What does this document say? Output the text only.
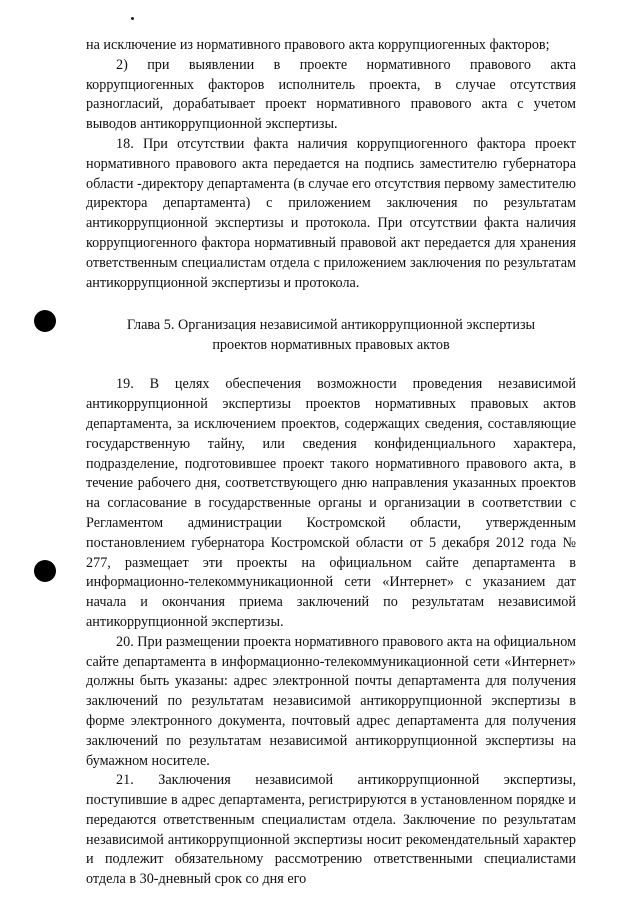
на исключение из нормативного правового акта коррупциогенных факторов;

2) при выявлении в проекте нормативного правового акта коррупциогенных факторов исполнитель проекта, в случае отсутствия разногласий, дорабатывает проект нормативного правового акта с учетом выводов антикоррупционной экспертизы.

18. При отсутствии факта наличия коррупциогенного фактора проект нормативного правового акта передается на подпись заместителю губернатора области -директору департамента (в случае его отсутствия первому заместителю директора департамента) с приложением заключения по результатам антикоррупционной экспертизы и протокола. При отсутствии факта наличия коррупциогенного фактора нормативный правовой акт передается для хранения ответственным специалистам отдела с приложением заключения по результатам антикоррупционной экспертизы и протокола.

Глава 5. Организация независимой антикоррупционной экспертизы
проектов нормативных правовых актов

19. В целях обеспечения возможности проведения независимой антикоррупционной экспертизы проектов нормативных правовых актов департамента, за исключением проектов, содержащих сведения, составляющие государственную тайну, или сведения конфиденциального характера, подразделение, подготовившее проект такого нормативного правового акта, в течение рабочего дня, соответствующего дню направления указанных проектов на согласование в государственные органы и организации в соответствии с Регламентом администрации Костромской области, утвержденным постановлением губернатора Костромской области от 5 декабря 2012 года № 277, размещает эти проекты на официальном сайте департамента в информационно-телекоммуникационной сети «Интернет» с указанием дат начала и окончания приема заключений по результатам независимой антикоррупционной экспертизы.

20. При размещении проекта нормативного правового акта на официальном сайте департамента в информационно-телекоммуникационной сети «Интернет» должны быть указаны: адрес электронной почты департамента для получения заключений по результатам независимой антикоррупционной экспертизы в форме электронного документа, почтовый адрес департамента для получения заключений по результатам независимой антикоррупционной экспертизы на бумажном носителе.

21. Заключения независимой антикоррупционной экспертизы, поступившие в адрес департамента, регистрируются в установленном порядке и передаются ответственным специалистам отдела. Заключение по результатам независимой антикоррупционной экспертизы носит рекомендательный характер и подлежит обязательному рассмотрению ответственными специалистами отдела в 30-дневный срок со дня его
